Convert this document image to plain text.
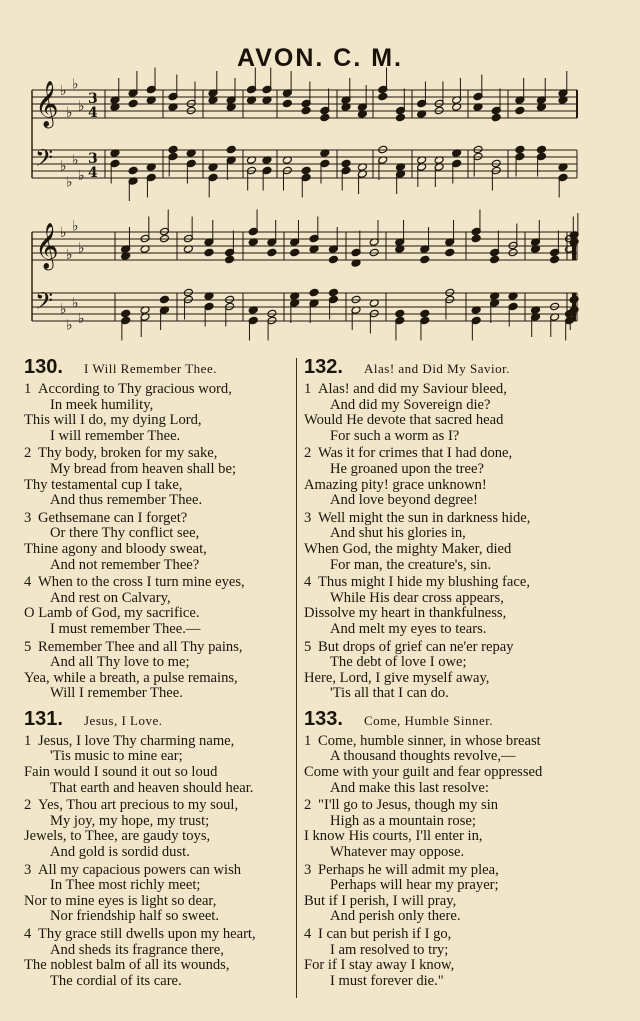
AVON. C. M.
𝄞 ♭
♭
♭
♭
𝄢 ♭
♭
♭
♭
𝄞 ♭
♭
♭
♭
𝄢 ♭
♭
♭
♭
3
4
3
4
130.	I Will Remember Thee.
1 According to Thy gracious word,
In meek humility,
This will I do, my dying Lord,
I will remember Thee.
2 Thy body, broken for my sake,
My bread from heaven shall be;
Thy testamental cup I take,
And thus remember Thee.
3 Gethsemane can I forget?
Or there Thy conflict see,
Thine agony and bloody sweat,
And not remember Thee?
4 When to the cross I turn mine eyes,
And rest on Calvary,
O Lamb of God, my sacrifice.
I must remember Thee.—
5 Remember Thee and all Thy pains,
And all Thy love to me;
Yea, while a breath, a pulse remains,
Will I remember Thee.
131.	Jesus, I Love.
1 Jesus, I love Thy charming name,
'Tis music to mine ear;
Fain would I sound it out so loud
That earth and heaven should hear.
2 Yes, Thou art precious to my soul,
My joy, my hope, my trust;
Jewels, to Thee, are gaudy toys,
And gold is sordid dust.
3 All my capacious powers can wish
In Thee most richly meet;
Nor to mine eyes is light so dear,
Nor friendship half so sweet.
4 Thy grace still dwells upon my heart,
And sheds its fragrance there,
The noblest balm of all its wounds,
The cordial of its care.
132.	Alas! and Did My Savior.
1 Alas! and did my Saviour bleed,
And did my Sovereign die?
Would He devote that sacred head
For such a worm as I?
2 Was it for crimes that I had done,
He groaned upon the tree?
Amazing pity! grace unknown!
And love beyond degree!
3 Well might the sun in darkness hide,
And shut his glories in,
When God, the mighty Maker, died
For man, the creature's, sin.
4 Thus might I hide my blushing face,
While His dear cross appears,
Dissolve my heart in thankfulness,
And melt my eyes to tears.
5 But drops of grief can ne'er repay
The debt of love I owe;
Here, Lord, I give myself away,
'Tis all that I can do.
133.	Come, Humble Sinner.
1 Come, humble sinner, in whose breast
A thousand thoughts revolve,—
Come with your guilt and fear oppressed
And make this last resolve:
2 "I'll go to Jesus, though my sin
High as a mountain rose;
I know His courts, I'll enter in,
Whatever may oppose.
3 Perhaps he will admit my plea,
Perhaps will hear my prayer;
But if I perish, I will pray,
And perish only there.
4 I can but perish if I go,
I am resolved to try;
For if I stay away I know,
I must forever die."
